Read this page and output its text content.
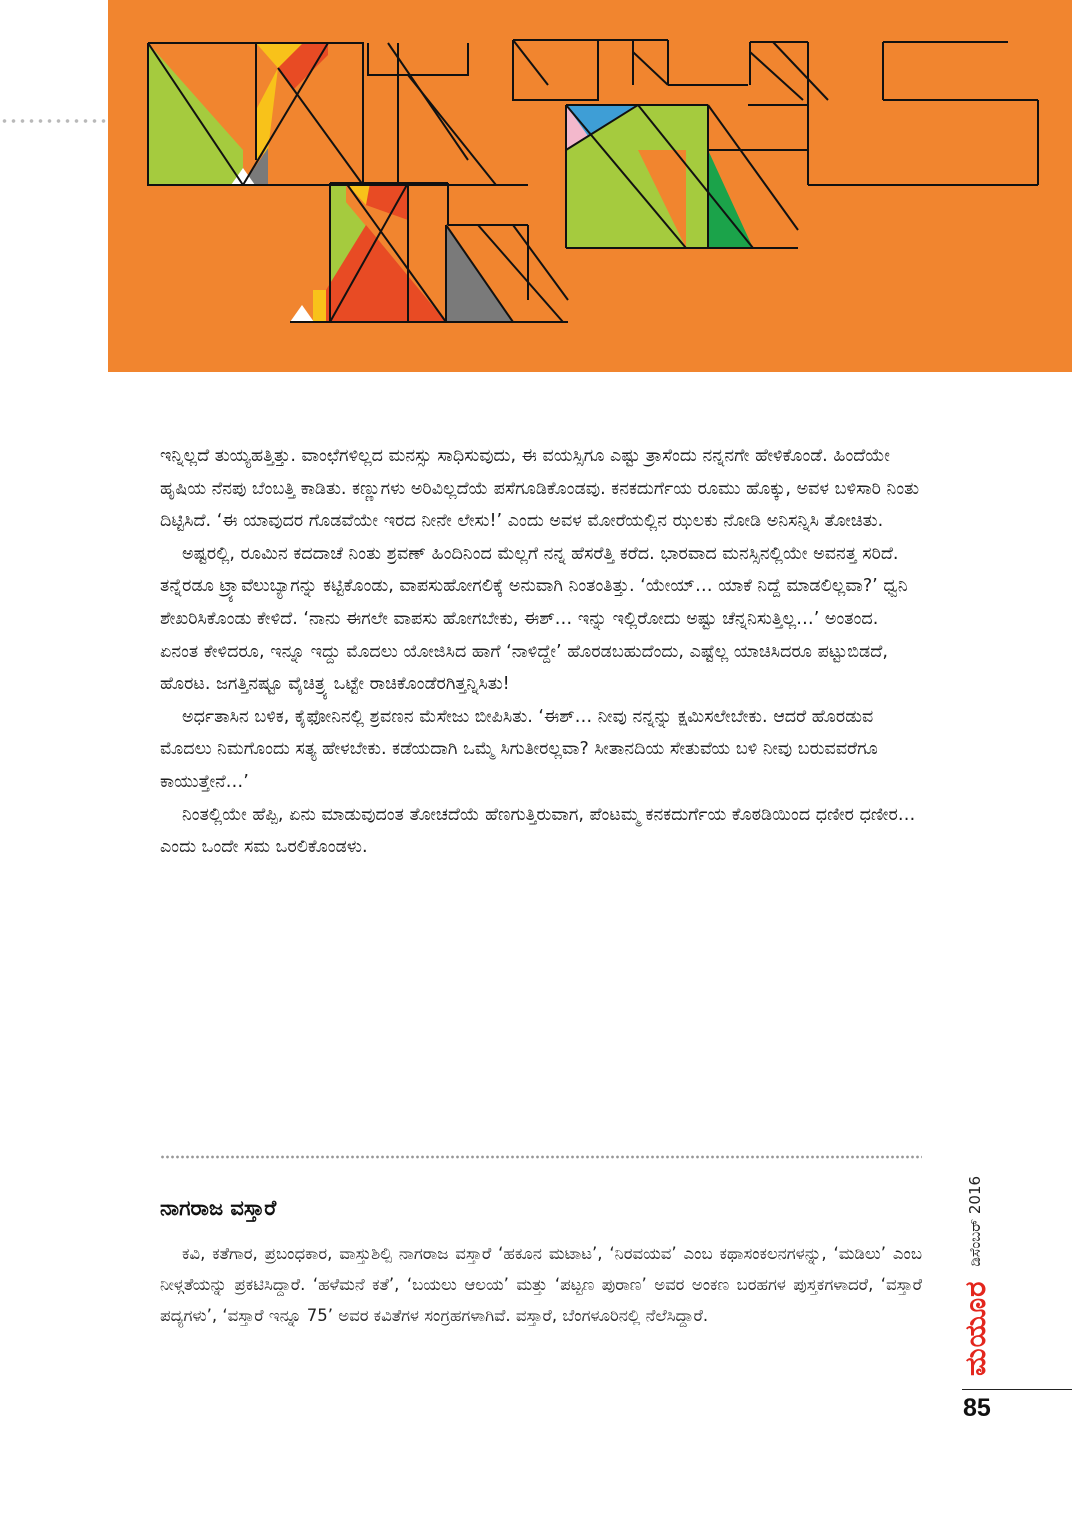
ಇನ್ನಿಲ್ಲದೆ ತುಯ್ಯಹತ್ತಿತ್ತು. ವಾಂಛೆಗಳಿಲ್ಲದ ಮನಸ್ಸು ಸಾಧಿಸುವುದು, ಈ ವಯಸ್ಸಿಗೂ ಎಷ್ಟು ತ್ರಾಸೆಂದು ನನ್ನನಗೇ ಹೇಳಿಕೊಂಡೆ. ಹಿಂದೆಯೇ ಹೃಷಿಯ ನೆನಪು ಬೆಂಬತ್ತಿ ಕಾಡಿತು. ಕಣ್ಣುಗಳು ಅರಿವಿಲ್ಲದೆಯೆ ಪಸೆಗೂಡಿಕೊಂಡವು. ಕನಕದುರ್ಗೆಯ ರೂಮು ಹೊಕ್ಕು, ಅವಳ ಬಳಿಸಾರಿ ನಿಂತು ದಿಟ್ಟಿಸಿದೆ. ‘ಈ ಯಾವುದರ ಗೊಡವೆಯೇ ಇರದ ನೀನೇ ಲೇಸು!’ ಎಂದು ಅವಳ ಮೋರೆಯಲ್ಲಿನ ಝಲಕು ನೋಡಿ ಅನಿಸನ್ನಿಸಿ ತೋಚಿತು.

ಅಷ್ಟರಲ್ಲಿ, ರೂಮಿನ ಕದದಾಚೆ ನಿಂತು ಶ್ರವಣ್ ಹಿಂದಿನಿಂದ ಮೆಲ್ಲಗೆ ನನ್ನ ಹೆಸರೆತ್ತಿ ಕರೆದ. ಭಾರವಾದ ಮನಸ್ಸಿನಲ್ಲಿಯೇ ಅವನತ್ತ ಸರಿದೆ. ತನ್ನೆರಡೂ ಟ್ರ್ಯಾವೆಲುಬ್ಯಾಗನ್ನು ಕಟ್ಟಿಕೊಂಡು, ವಾಪಸುಹೋಗಲಿಕ್ಕೆ ಅನುವಾಗಿ ನಿಂತಂತಿತ್ತು. ‘ಯೇಯ್… ಯಾಕೆ ನಿದ್ದೆ ಮಾಡಲಿಲ್ಲವಾ?’ ಧ್ವನಿ ಶೇಖರಿಸಿಕೊಂಡು ಕೇಳಿದೆ. ‘ನಾನು ಈಗಲೇ ವಾಪಸು ಹೋಗಬೇಕು, ಈಶ್… ಇನ್ನು ಇಲ್ಲಿರೋದು ಅಷ್ಟು ಚೆನ್ನನಿಸುತ್ತಿಲ್ಲ…’ ಅಂತಂದ. ಏನಂತ ಕೇಳಿದರೂ, ಇನ್ನೂ ಇದ್ದು ಮೊದಲು ಯೋಜಿಸಿದ ಹಾಗೆ ‘ನಾಳಿದ್ದೇ’ ಹೊರಡಬಹುದೆಂದು, ಎಷ್ಟೆಲ್ಲ ಯಾಚಿಸಿದರೂ ಪಟ್ಟುಬಿಡದೆ, ಹೊರಟ. ಜಗತ್ತಿನಷ್ಟೂ ವೈಚಿತ್ರ್ಯ ಒಟ್ಟೇ ರಾಚಿಕೊಂಡೆರಗಿತ್ತನ್ನಿಸಿತು!

ಅರ್ಧತಾಸಿನ ಬಳಿಕ, ಕೈಫೋನಿನಲ್ಲಿ ಶ್ರವಣನ ಮೆಸೇಜು ಬೀಪಿಸಿತು. ‘ಈಶ್… ನೀವು ನನ್ನನ್ನು ಕ್ಷಮಿಸಲೇಬೇಕು. ಆದರೆ ಹೊರಡುವ ಮೊದಲು ನಿಮಗೊಂದು ಸತ್ಯ ಹೇಳಬೇಕು. ಕಡೆಯದಾಗಿ ಒಮ್ಮೆ ಸಿಗುತೀರಲ್ಲವಾ? ಸೀತಾನದಿಯ ಸೇತುವೆಯ ಬಳಿ ನೀವು ಬರುವವರೆಗೂ ಕಾಯುತ್ತೇನೆ…’

ನಿಂತಲ್ಲಿಯೇ ಹೆಪ್ಪಿ, ಏನು ಮಾಡುವುದಂತ ತೋಚದೆಯೆ ಹೆಣಗುತ್ತಿರುವಾಗ, ಪೆಂಟಮ್ಮ ಕನಕದುರ್ಗೆಯ ಕೊಠಡಿಯಿಂದ ಧಣೀರ ಧಣೀರ… ಎಂದು ಒಂದೇ ಸಮ ಒರಲಿಕೊಂಡಳು.

ನಾಗರಾಜ ವಸ್ತಾರೆ

ಕವಿ, ಕತೆಗಾರ, ಪ್ರಬಂಧಕಾರ, ವಾಸ್ತುಶಿಲ್ಪಿ ನಾಗರಾಜ ವಸ್ತಾರೆ ‘ಹಕೂನ ಮಟಾಟ’, ‘ನಿರವಯವ’ ಎಂಬ ಕಥಾಸಂಕಲನಗಳನ್ನು, ‘ಮಡಿಲು’ ಎಂಬ ನೀಳ್ಗತೆಯನ್ನು ಪ್ರಕಟಿಸಿದ್ದಾರೆ. ‘ಹಳೆಮನೆ ಕತೆ’, ‘ಬಯಲು ಆಲಯ’ ಮತ್ತು ‘ಪಟ್ಟಣ ಪುರಾಣ’ ಅವರ ಅಂಕಣ ಬರಹಗಳ ಪುಸ್ತಕಗಳಾದರೆ, ‘ವಸ್ತಾರೆ ಪದ್ಯಗಳು’, ‘ವಸ್ತಾರೆ ಇನ್ನೂ 75’ ಅವರ ಕವಿತೆಗಳ ಸಂಗ್ರಹಗಳಾಗಿವೆ. ವಸ್ತಾರೆ, ಬೆಂಗಳೂರಿನಲ್ಲಿ ನೆಲೆಸಿದ್ದಾರೆ.	ಮಯೂರ
ಡಿಸೆಂಬರ್ 2016
85
